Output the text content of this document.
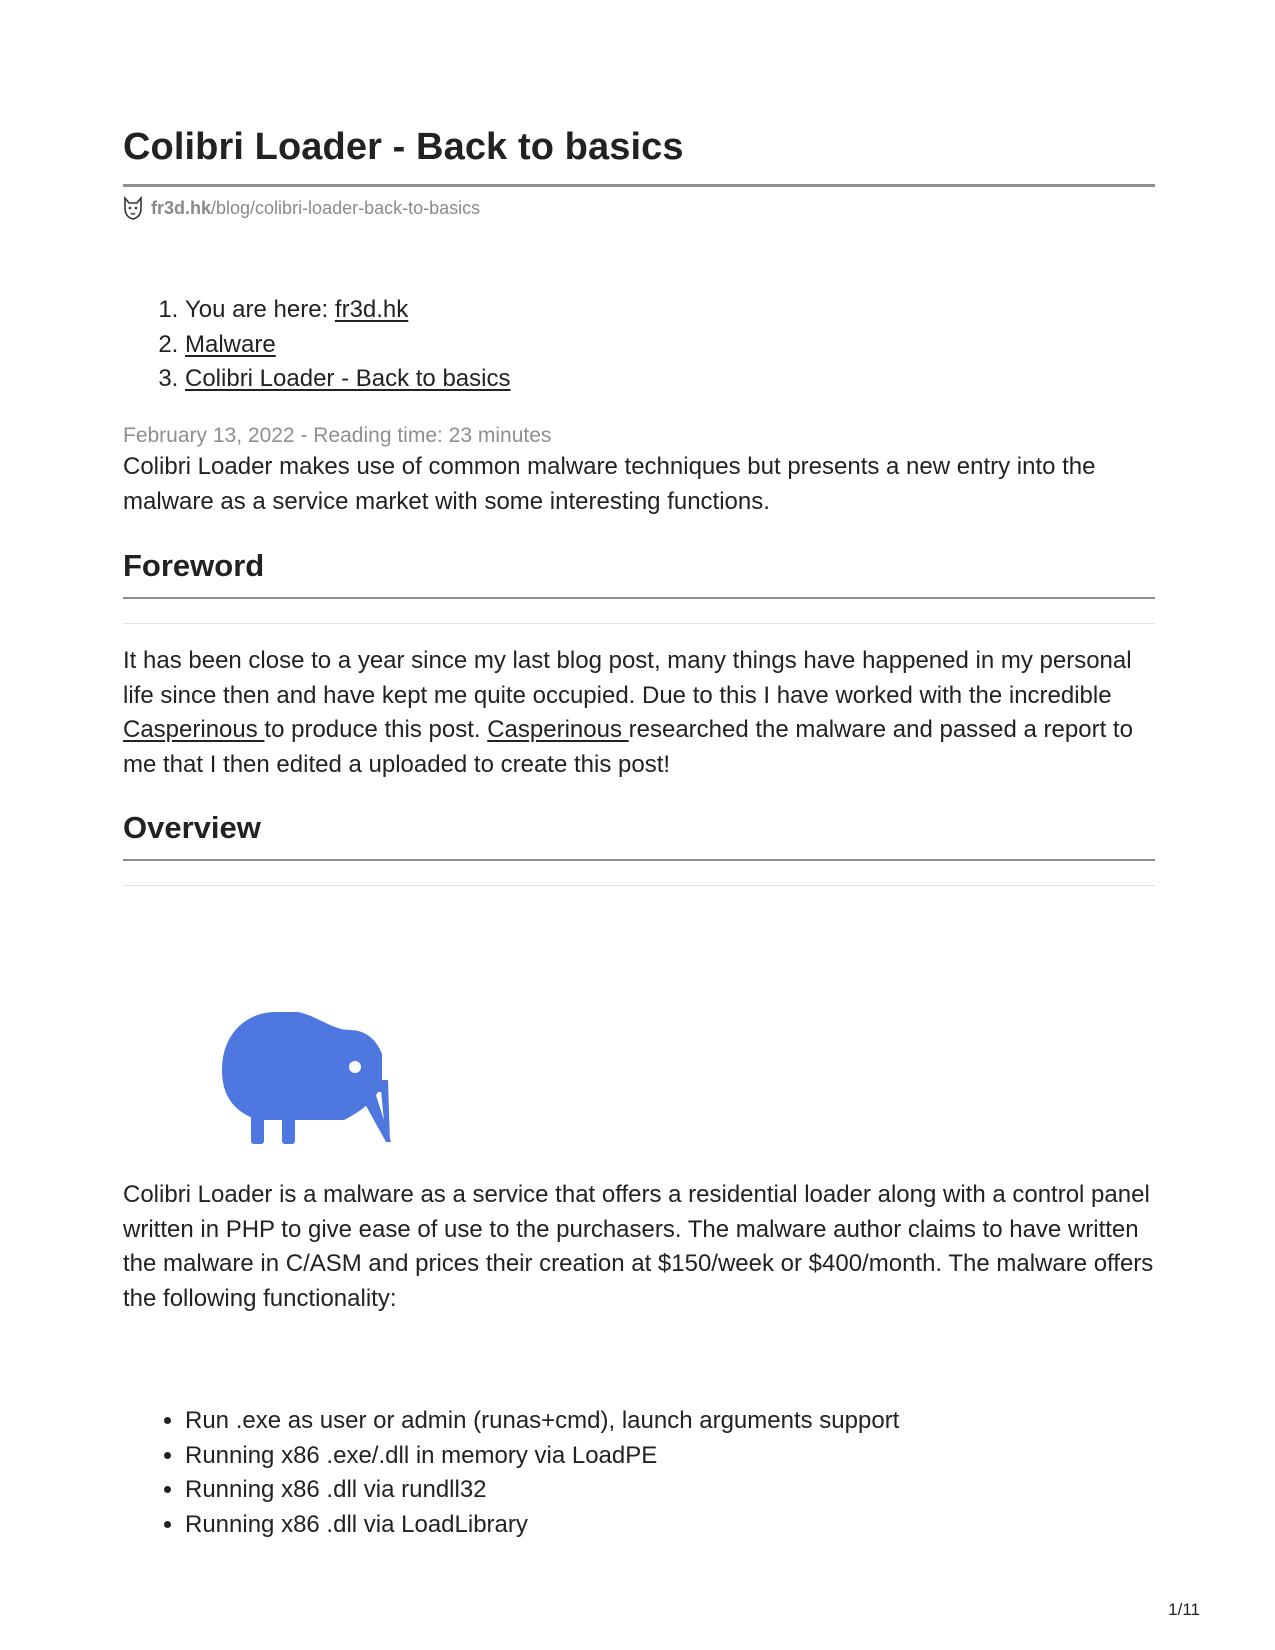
Colibri Loader - Back to basics
fr3d.hk/blog/colibri-loader-back-to-basics
1. You are here: fr3d.hk
2. Malware
3. Colibri Loader - Back to basics
February 13, 2022 - Reading time: 23 minutes

Colibri Loader makes use of common malware techniques but presents a new entry into the malware as a service market with some interesting functions.

Foreword

It has been close to a year since my last blog post, many things have happened in my personal life since then and have kept me quite occupied. Due to this I have worked with the incredible Casperinous to produce this post. Casperinous researched the malware and passed a report to me that I then edited a uploaded to create this post!

Overview

Colibri Loader is a malware as a service that offers a residential loader along with a control panel written in PHP to give ease of use to the purchasers. The malware author claims to have written the malware in C/ASM and prices their creation at $150/week or $400/month. The malware offers the following functionality:

• Run .exe as user or admin (runas+cmd), launch arguments support
• Running x86 .exe/.dll in memory via LoadPE
• Running x86 .dll via rundll32
• Running x86 .dll via LoadLibrary
1/11
